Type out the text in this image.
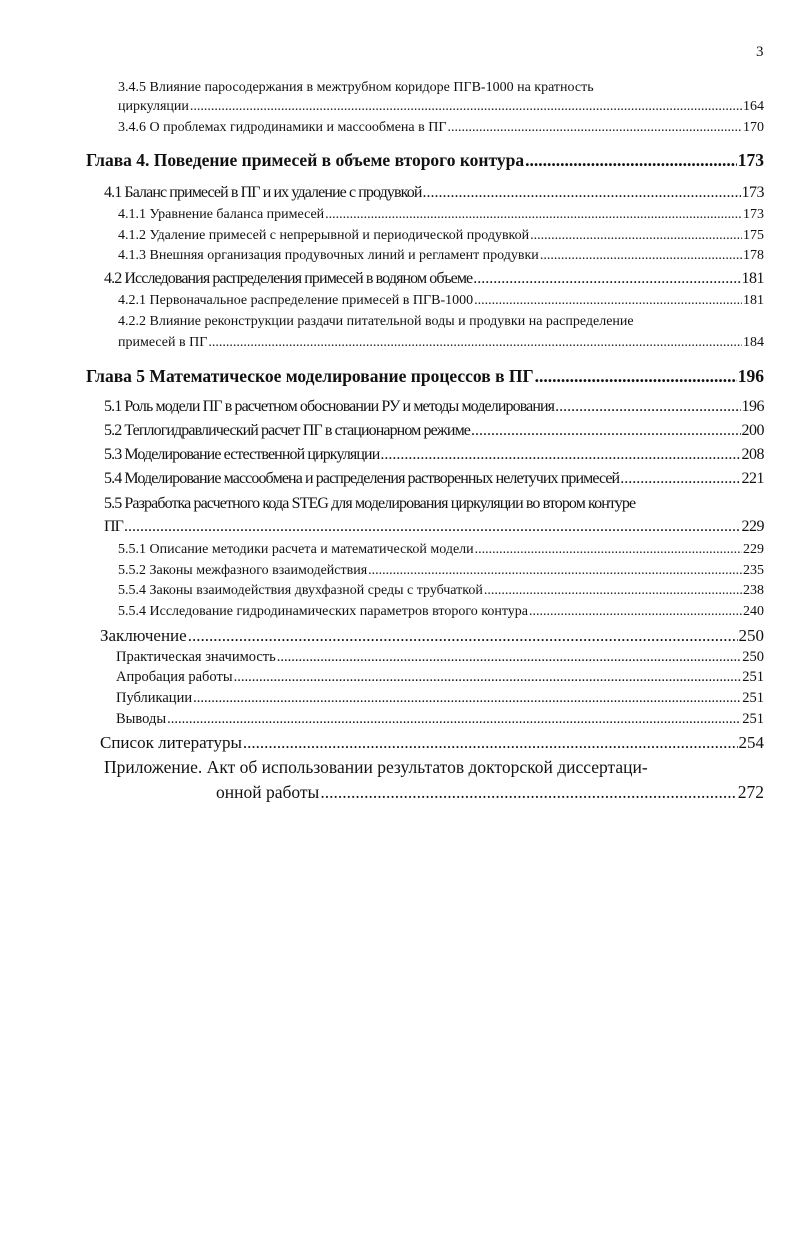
3
3.4.5 Влияние паросодержания в межтрубном коридоре ПГВ-1000 на кратность
циркуляции .....	164
3.4.6 О проблемах гидродинамики и массообмена в ПГ .....	170
Глава 4. Поведение примесей в объеме второго контура .....	173
4.1 Баланс примесей в ПГ и их удаление с продувкой .....	173
4.1.1 Уравнение баланса примесей .....	173
4.1.2 Удаление примесей с непрерывной и периодической продувкой .....	175
4.1.3 Внешняя организация продувочных линий и регламент продувки .....	178
4.2 Исследования распределения примесей в водяном объеме .....	181
4.2.1 Первоначальное распределение примесей в ПГВ-1000 .....	181
4.2.2 Влияние реконструкции раздачи питательной воды и продувки на распределение
примесей в ПГ .....	184
Глава 5 Математическое моделирование процессов в ПГ .....	196
5.1 Роль модели ПГ в расчетном обосновании РУ и методы моделирования .....	196
5.2 Теплогидравлический расчет ПГ в стационарном режиме .....	200
5.3 Моделирование естественной циркуляции .....	208
5.4 Моделирование массообмена и распределения растворенных нелетучих примесей .....	221
5.5 Разработка расчетного кода STEG для моделирования циркуляции во втором контуре
ПГ .....	229
5.5.1 Описание методики расчета и математической модели .....	229
5.5.2 Законы межфазного взаимодействия .....	235
5.5.4 Законы взаимодействия двухфазной среды с трубчаткой .....	238
5.5.4 Исследование гидродинамических параметров второго контура .....	240
Заключение .....	250
Практическая значимость .....	250
Апробация работы .....	251
Публикации .....	251
Выводы .....	251
Список литературы .....	254
Приложение. Акт об использовании результатов докторской диссертаци-
онной работы .....	272
